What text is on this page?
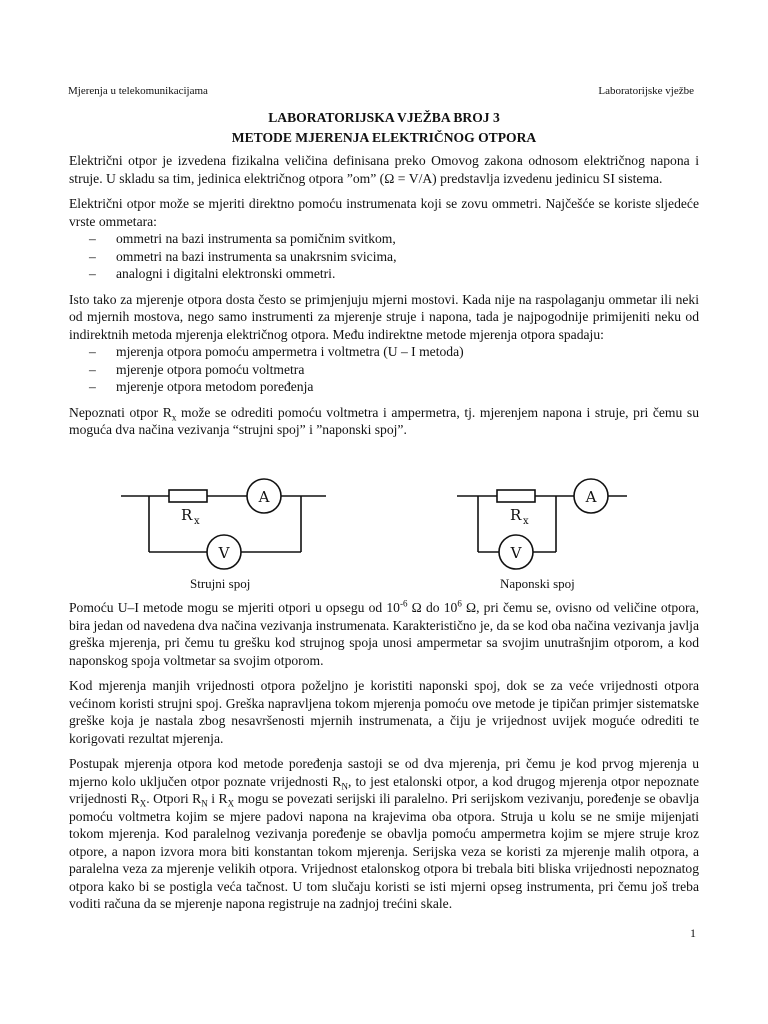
Mjerenja u telekomunikacijama	Laboratorijske vježbe
LABORATORIJSKA VJEŽBA BROJ 3
METODE MJERENJA ELEKTRIČNOG OTPORA

Električni otpor je izvedena fizikalna veličina definisana preko Omovog zakona odnosom električnog napona i struje. U skladu sa tim, jedinica električnog otpora ”om” (Ω = V/A) predstavlja izvedenu jedinicu SI sistema.

Električni otpor može se mjeriti direktno pomoću instrumenata koji se zovu ommetri. Najčešće se koriste sljedeće vrste ommetara:

– ommetri na bazi instrumenta sa pomičnim svitkom,
– ommetri na bazi instrumenta sa unakrsnim svicima,
– analogni i digitalni elektronski ommetri.

Isto tako za mjerenje otpora dosta često se primjenjuju mjerni mostovi. Kada nije na raspolaganju ommetar ili neki od mjernih mostova, nego samo instrumenti za mjerenje struje i napona, tada je najpogodnije primijeniti neku od indirektnih metoda mjerenja električnog otpora. Među indirektne metode mjerenja otpora spadaju:

– mjerenja otpora pomoću ampermetra i voltmetra (U – I metoda)
– mjerenje otpora pomoću voltmetra
– mjerenje otpora metodom poređenja

Nepoznati otpor $R_x$ može se odrediti pomoću voltmetra i ampermetra, tj. mjerenjem napona i struje, pri čemu su moguća dva načina vezivanja “strujni spoj” i ”naponski spoj”.

A
V
R x
A
V
R x
Strujni spoj	Naponski spoj

Pomoću U–I metode mogu se mjeriti otpori u opsegu od $10^{-6}$ Ω do $10^6$ Ω, pri čemu se, ovisno od veličine otpora, bira jedan od navedena dva načina vezivanja instrumenata. Karakteristično je, da se kod oba načina vezivanja javlja greška mjerenja, pri čemu tu grešku kod strujnog spoja unosi ampermetar sa svojim unutrašnjim otporom, a kod naponskog spoja voltmetar sa svojim otporom.

Kod mjerenja manjih vrijednosti otpora poželjno je koristiti naponski spoj, dok se za veće vrijednosti otpora većinom koristi strujni spoj. Greška napravljena tokom mjerenja pomoću ove metode je tipičan primjer sistematske greške koja je nastala zbog nesavršenosti mjernih instrumenata, a čiju je vrijednost uvijek moguće odrediti te korigovati rezultat mjerenja.

Postupak mjerenja otpora kod metode poređenja sastoji se od dva mjerenja, pri čemu je kod prvog mjerenja u mjerno kolo uključen otpor poznate vrijednosti $R_N$, to jest etalonski otpor, a kod drugog mjerenja otpor nepoznate vrijednosti $R_X$. Otpori $R_N$ i $R_X$ mogu se povezati serijski ili paralelno. Pri serijskom vezivanju, poređenje se obavlja pomoću voltmetra kojim se mjere padovi napona na krajevima oba otpora. Struja u kolu se ne smije mijenjati tokom mjerenja. Kod paralelnog vezivanja poređenje se obavlja pomoću ampermetra kojim se mjere struje kroz otpore, a napon izvora mora biti konstantan tokom mjerenja. Serijska veza se koristi za mjerenje malih otpora, a paralelna veza za mjerenje velikih otpora. Vrijednost etalonskog otpora bi trebala biti bliska vrijednosti nepoznatog otpora kako bi se postigla veća tačnost. U tom slučaju koristi se isti mjerni opseg instrumenta, pri čemu još treba voditi računa da se mjerenje napona registruje na zadnjoj trećini skale.

1
